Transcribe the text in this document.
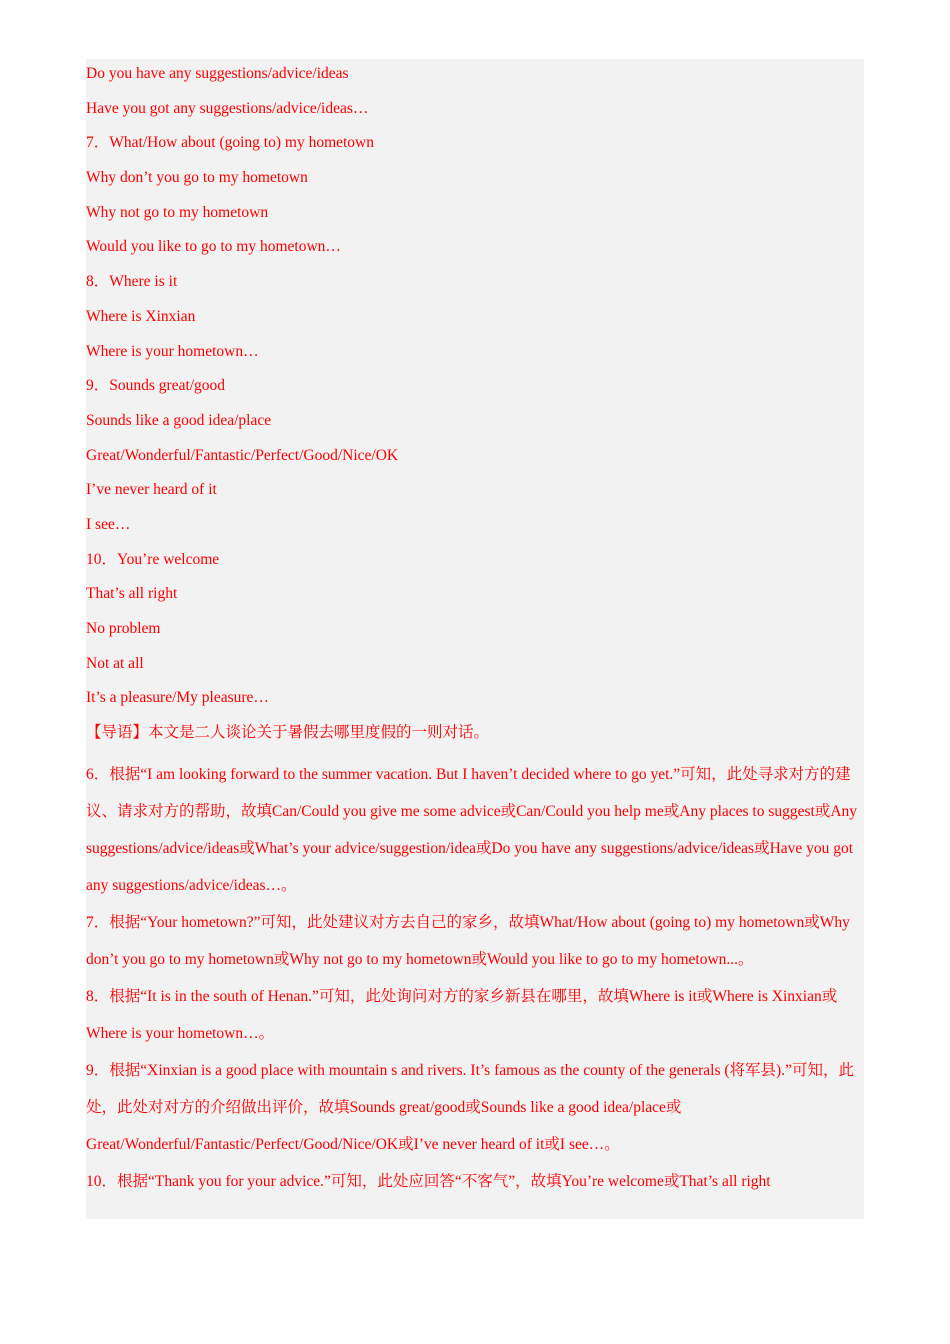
Do you have any suggestions/advice/ideas
Have you got any suggestions/advice/ideas…
7．What/How about (going to) my hometown
Why don’t you go to my hometown
Why not go to my hometown
Would you like to go to my hometown…
8．Where is it
Where is Xinxian
Where is your hometown…
9．Sounds great/good
Sounds like a good idea/place
Great/Wonderful/Fantastic/Perfect/Good/Nice/OK
I’ve never heard of it
I see…
10．You’re welcome
That’s all right
No problem
Not at all
It’s a pleasure/My pleasure…
【导语】本文是二人谈论关于暑假去哪里度假的一则对话。
6．根据“I am looking forward to the summer vacation. But I haven’t decided where to go yet.”可知，此处寻求对方的建议、请求对方的帮助，故填Can/Could you give me some advice或Can/Could you help me或Any places to suggest或Any suggestions/advice/ideas或What’s your advice/suggestion/idea或Do you have any suggestions/advice/ideas或Have you got any suggestions/advice/ideas…。
7．根据“Your hometown?”可知，此处建议对方去自己的家乡，故填What/How about (going to) my hometown或Why don’t you go to my hometown或Why not go to my hometown或Would you like to go to my hometown...。
8．根据“It is in the south of Henan.”可知，此处询问对方的家乡新县在哪里，故填Where is it或Where is Xinxian或Where is your hometown…。
9．根据“Xinxian is a good place with mountain s and rivers. It’s famous as the county of the generals (将军县).”可知，此处，此处对对方的介绍做出评价，故填Sounds great/good或Sounds like a good idea/place或Great/Wonderful/Fantastic/Perfect/Good/Nice/OK或I’ve never heard of it或I see…。
10．根据“Thank you for your advice.”可知，此处应回答“不客气”，故填You’re welcome或That’s all right
